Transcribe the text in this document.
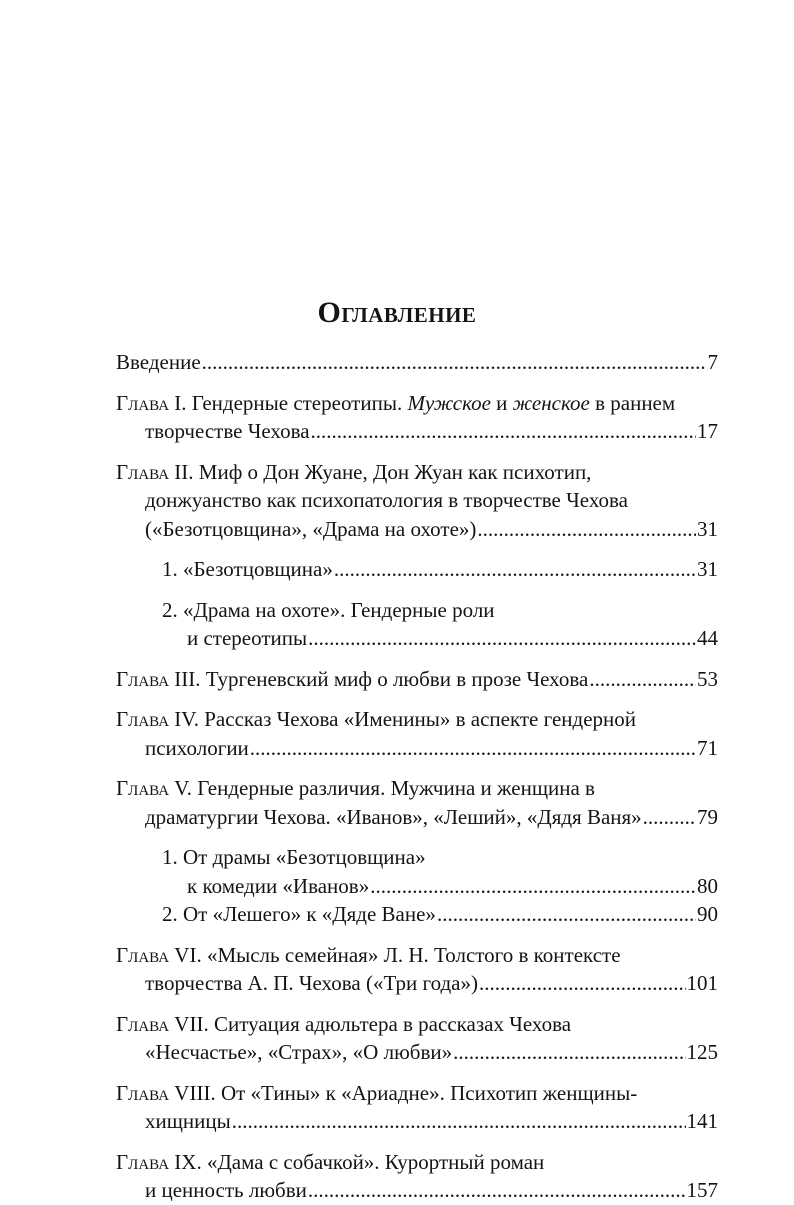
Оглавление
Введение .....	7
Глава I. Гендерные стереотипы. Мужское и женское в раннем
творчестве Чехова .....	17
Глава II. Миф о Дон Жуане, Дон Жуан как психотип,
донжуанство как психопатология в творчестве Чехова
(«Безотцовщина», «Драма на охоте») .....	31
1. «Безотцовщина» .....	31
2. «Драма на охоте». Гендерные роли
и стереотипы .....	44
Глава III. Тургеневский миф о любви в прозе Чехова .....	53
Глава IV. Рассказ Чехова «Именины» в аспекте гендерной
психологии .....	71
Глава V. Гендерные различия. Мужчина и женщина в
драматургии Чехова. «Иванов», «Леший», «Дядя Ваня» .....	79
1. От драмы «Безотцовщина»
к комедии «Иванов» .....	80
2. От «Лешего» к «Дяде Ване» .....	90
Глава VI. «Мысль семейная» Л. Н. Толстого в контексте
творчества А. П. Чехова («Три года») .....	101
Глава VII. Ситуация адюльтера в рассказах Чехова
«Несчастье», «Страх», «О любви» .....	125
Глава VIII. От «Тины» к «Ариадне». Психотип женщины-
хищницы .....	141
Глава IX. «Дама с собачкой». Курортный роман
и ценность любви .....	157
